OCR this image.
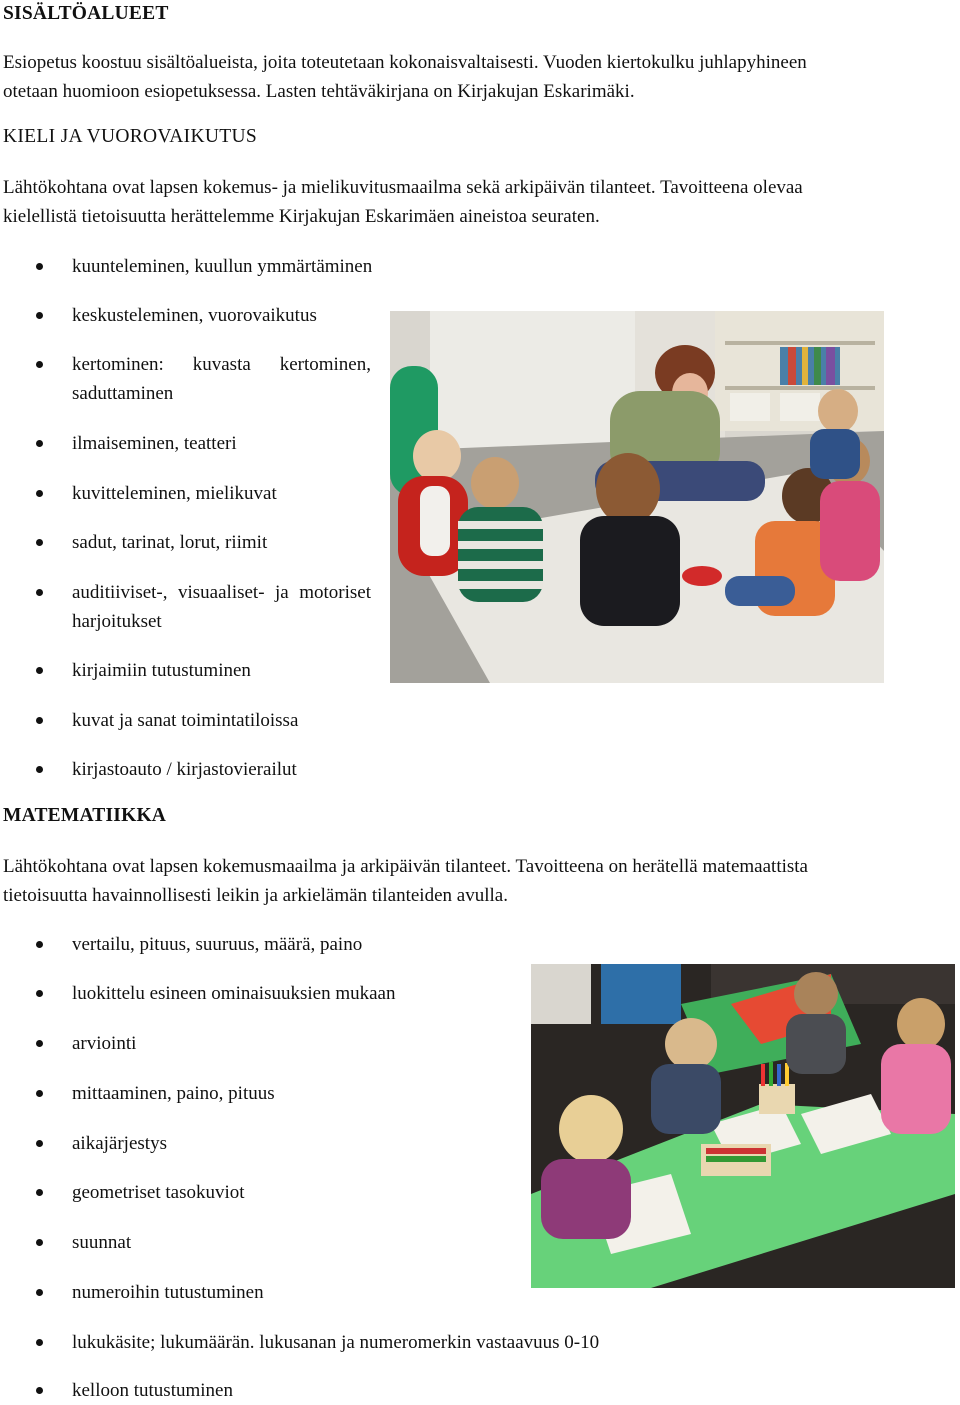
SISÄLTÖALUEET
Esiopetus koostuu sisältöalueista, joita toteutetaan kokonaisvaltaisesti. Vuoden kiertokulku juhlapyhineen
otetaan huomioon esiopetuksessa. Lasten tehtäväkirjana on Kirjakujan Eskarimäki.
KIELI JA VUOROVAIKUTUS
Lähtökohtana ovat lapsen kokemus- ja mielikuvitusmaailma sekä arkipäivän tilanteet. Tavoitteena olevaa
kielellistä tietoisuutta herättelemme Kirjakujan Eskarimäen aineistoa seuraten.
kuunteleminen, kuullun ymmärtäminen
keskusteleminen, vuorovaikutus
kertominen: kuvasta kertominen, saduttaminen
ilmaiseminen, teatteri
kuvitteleminen, mielikuvat
sadut, tarinat, lorut, riimit
auditiiviset-, visuaaliset- ja motoriset harjoitukset
kirjaimiin tutustuminen
kuvat ja sanat toimintatiloissa
kirjastoauto / kirjastovierailut
MATEMATIIKKA
Lähtökohtana ovat lapsen kokemusmaailma ja arkipäivän tilanteet. Tavoitteena on herätellä matemaattista
tietoisuutta havainnollisesti leikin ja arkielämän tilanteiden avulla.
vertailu, pituus, suuruus, määrä, paino
luokittelu esineen ominaisuuksien mukaan
arviointi
mittaaminen, paino, pituus
aikajärjestys
geometriset tasokuviot
suunnat
numeroihin tutustuminen
lukukäsite; lukumäärän. lukusanan ja numeromerkin vastaavuus 0-10
kelloon tutustuminen
